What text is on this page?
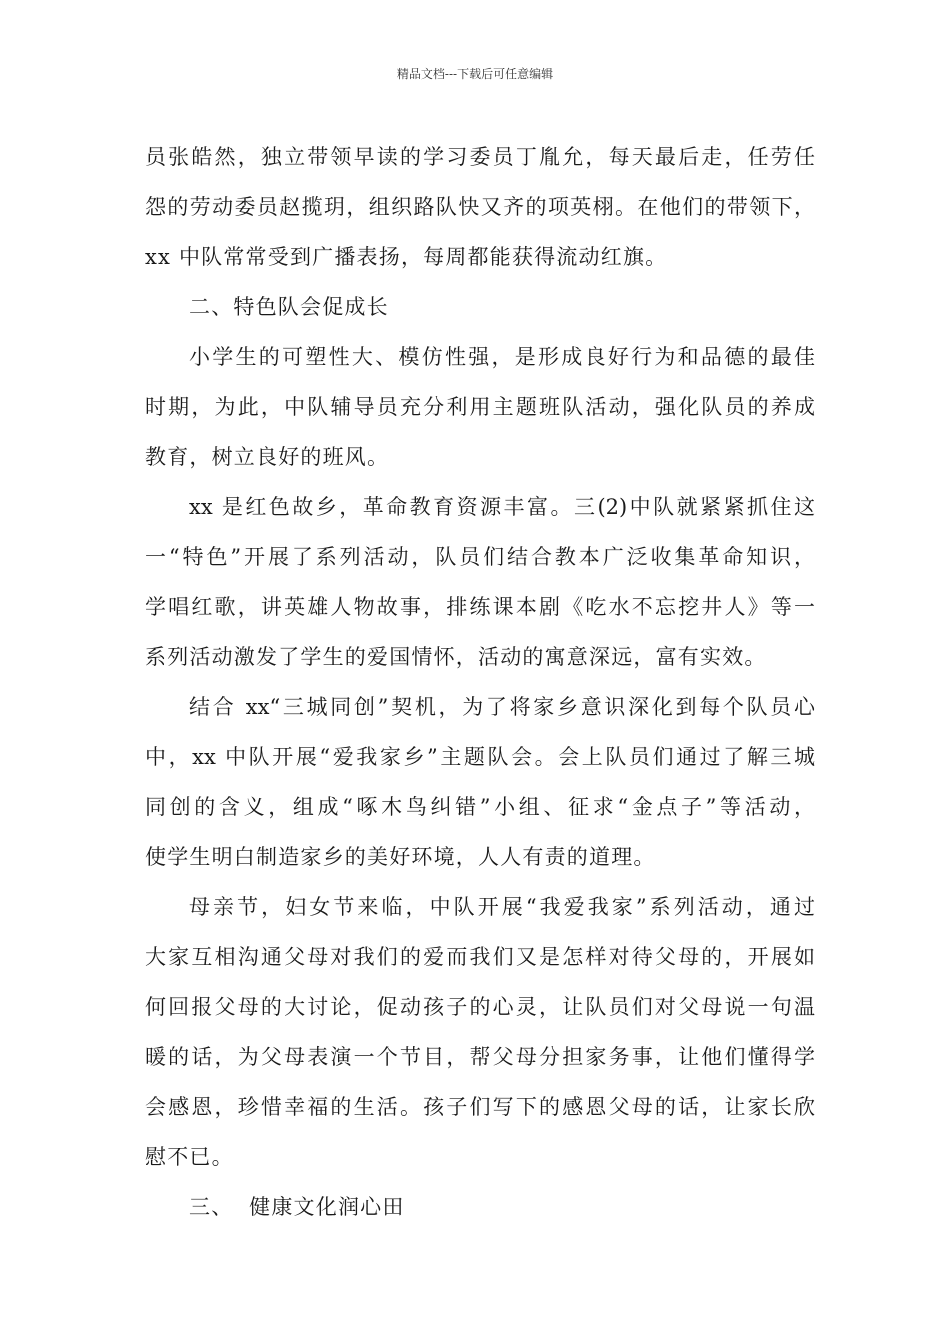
精品文档---下载后可任意编辑
员张皓然，独立带领早读的学习委员丁胤允，每天最后走，任劳任
怨的劳动委员赵揽玥，组织路队快又齐的项英栩。在他们的带领下，
xx 中队常常受到广播表扬，每周都能获得流动红旗。
二、特色队会促成长
小学生的可塑性大、模仿性强，是形成良好行为和品德的最佳
时期，为此，中队辅导员充分利用主题班队活动，强化队员的养成
教育，树立良好的班风。
xx 是红色故乡，革命教育资源丰富。三(2)中队就紧紧抓住这
一“特色”开展了系列活动，队员们结合教本广泛收集革命知识，
学唱红歌，讲英雄人物故事，排练课本剧《吃水不忘挖井人》等一
系列活动激发了学生的爱国情怀，活动的寓意深远，富有实效。
结合 xx“三城同创”契机，为了将家乡意识深化到每个队员心
中，xx 中队开展“爱我家乡”主题队会。会上队员们通过了解三城
同创的含义，组成“啄木鸟纠错”小组、征求“金点子”等活动，
使学生明白制造家乡的美好环境，人人有责的道理。
母亲节，妇女节来临，中队开展“我爱我家”系列活动，通过
大家互相沟通父母对我们的爱而我们又是怎样对待父母的，开展如
何回报父母的大讨论，促动孩子的心灵，让队员们对父母说一句温
暖的话，为父母表演一个节目，帮父母分担家务事，让他们懂得学
会感恩，珍惜幸福的生活。孩子们写下的感恩父母的话，让家长欣
慰不已。
三、  健康文化润心田
